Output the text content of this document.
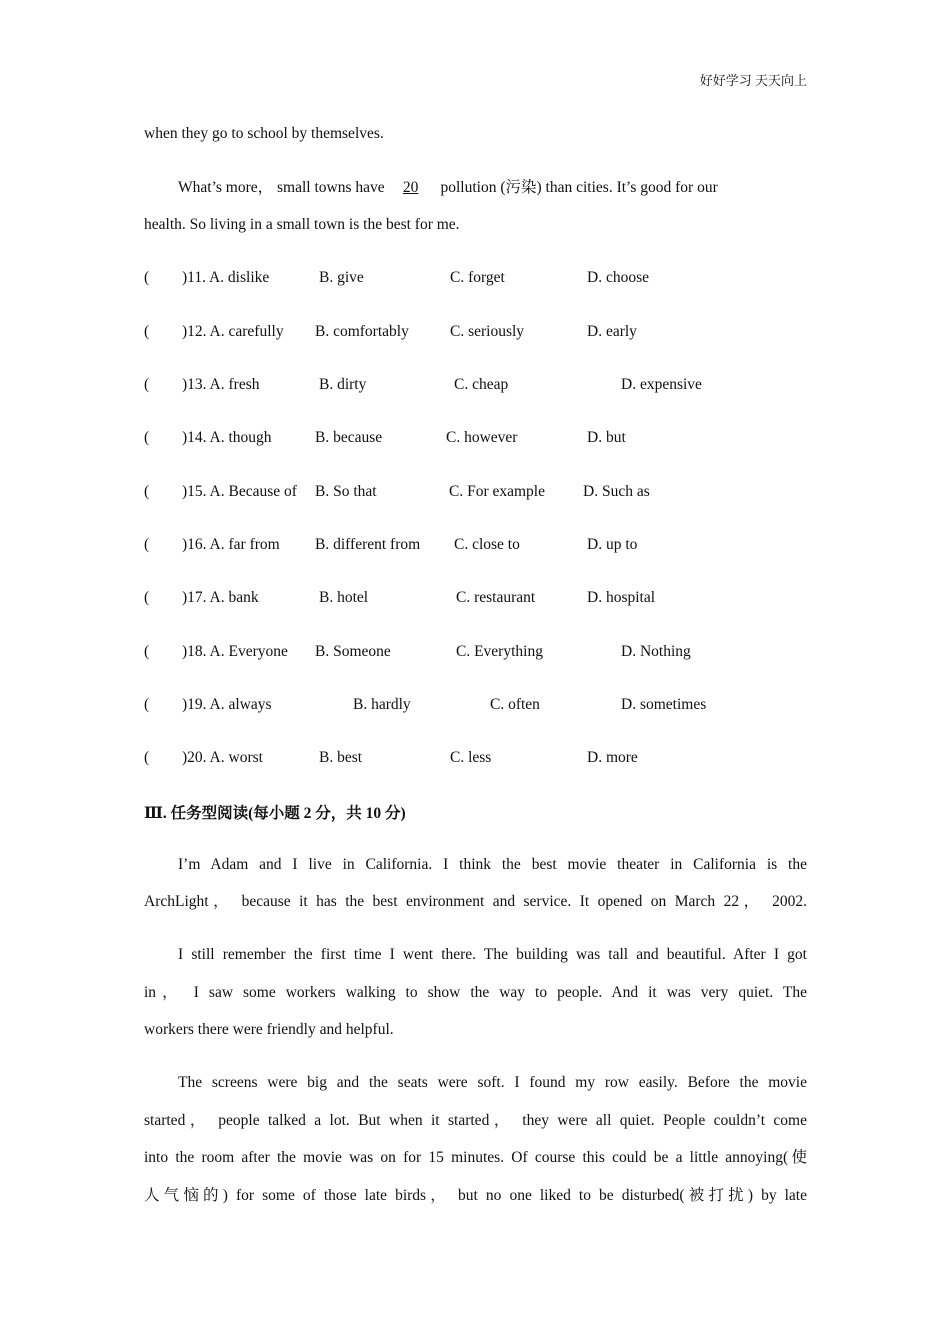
好好学习 天天向上
when they go to school by themselves.
What’s more， small towns have 20 pollution (污染) than cities. It’s good for our
health. So living in a small town is the best for me.
( )11. A. dislike	B. give	C. forget	D. choose
( )12. A. carefully B. comfortably	C. seriously	D. early
( )13. A. fresh	B. dirty	C. cheap	D. expensive
( )14. A. though	B. because	C. however	D. but
( )15. A. Because of B. So that	C. For example D. Such as
( )16. A. far from B. different from C. close to	D. up to
( )17. A. bank	B. hotel	C. restaurant	D. hospital
( )18. A. Everyone B. Someone	C. Everything	D. Nothing
( )19. A. always	B. hardly	C. often	D. sometimes
( )20. A. worst	B. best	C. less	D. more
Ⅲ. 任务型阅读(每小题 2 分，共 10 分)
I’m Adam and I live in California. I think the best movie theater in California is the
ArchLight， because it has the best environment and service. It opened on March 22， 2002.
I still remember the first time I went there. The building was tall and beautiful. After I got
in， I saw some workers walking to show the way to people. And it was very quiet. The
workers there were friendly and helpful.
The screens were big and the seats were soft. I found my row easily. Before the movie
started， people talked a lot. But when it started， they were all quiet. People couldn’t come
into the room after the movie was on for 15 minutes. Of course this could be a little annoying(使
人气恼的) for some of those late birds， but no one liked to be disturbed(被打扰) by late
